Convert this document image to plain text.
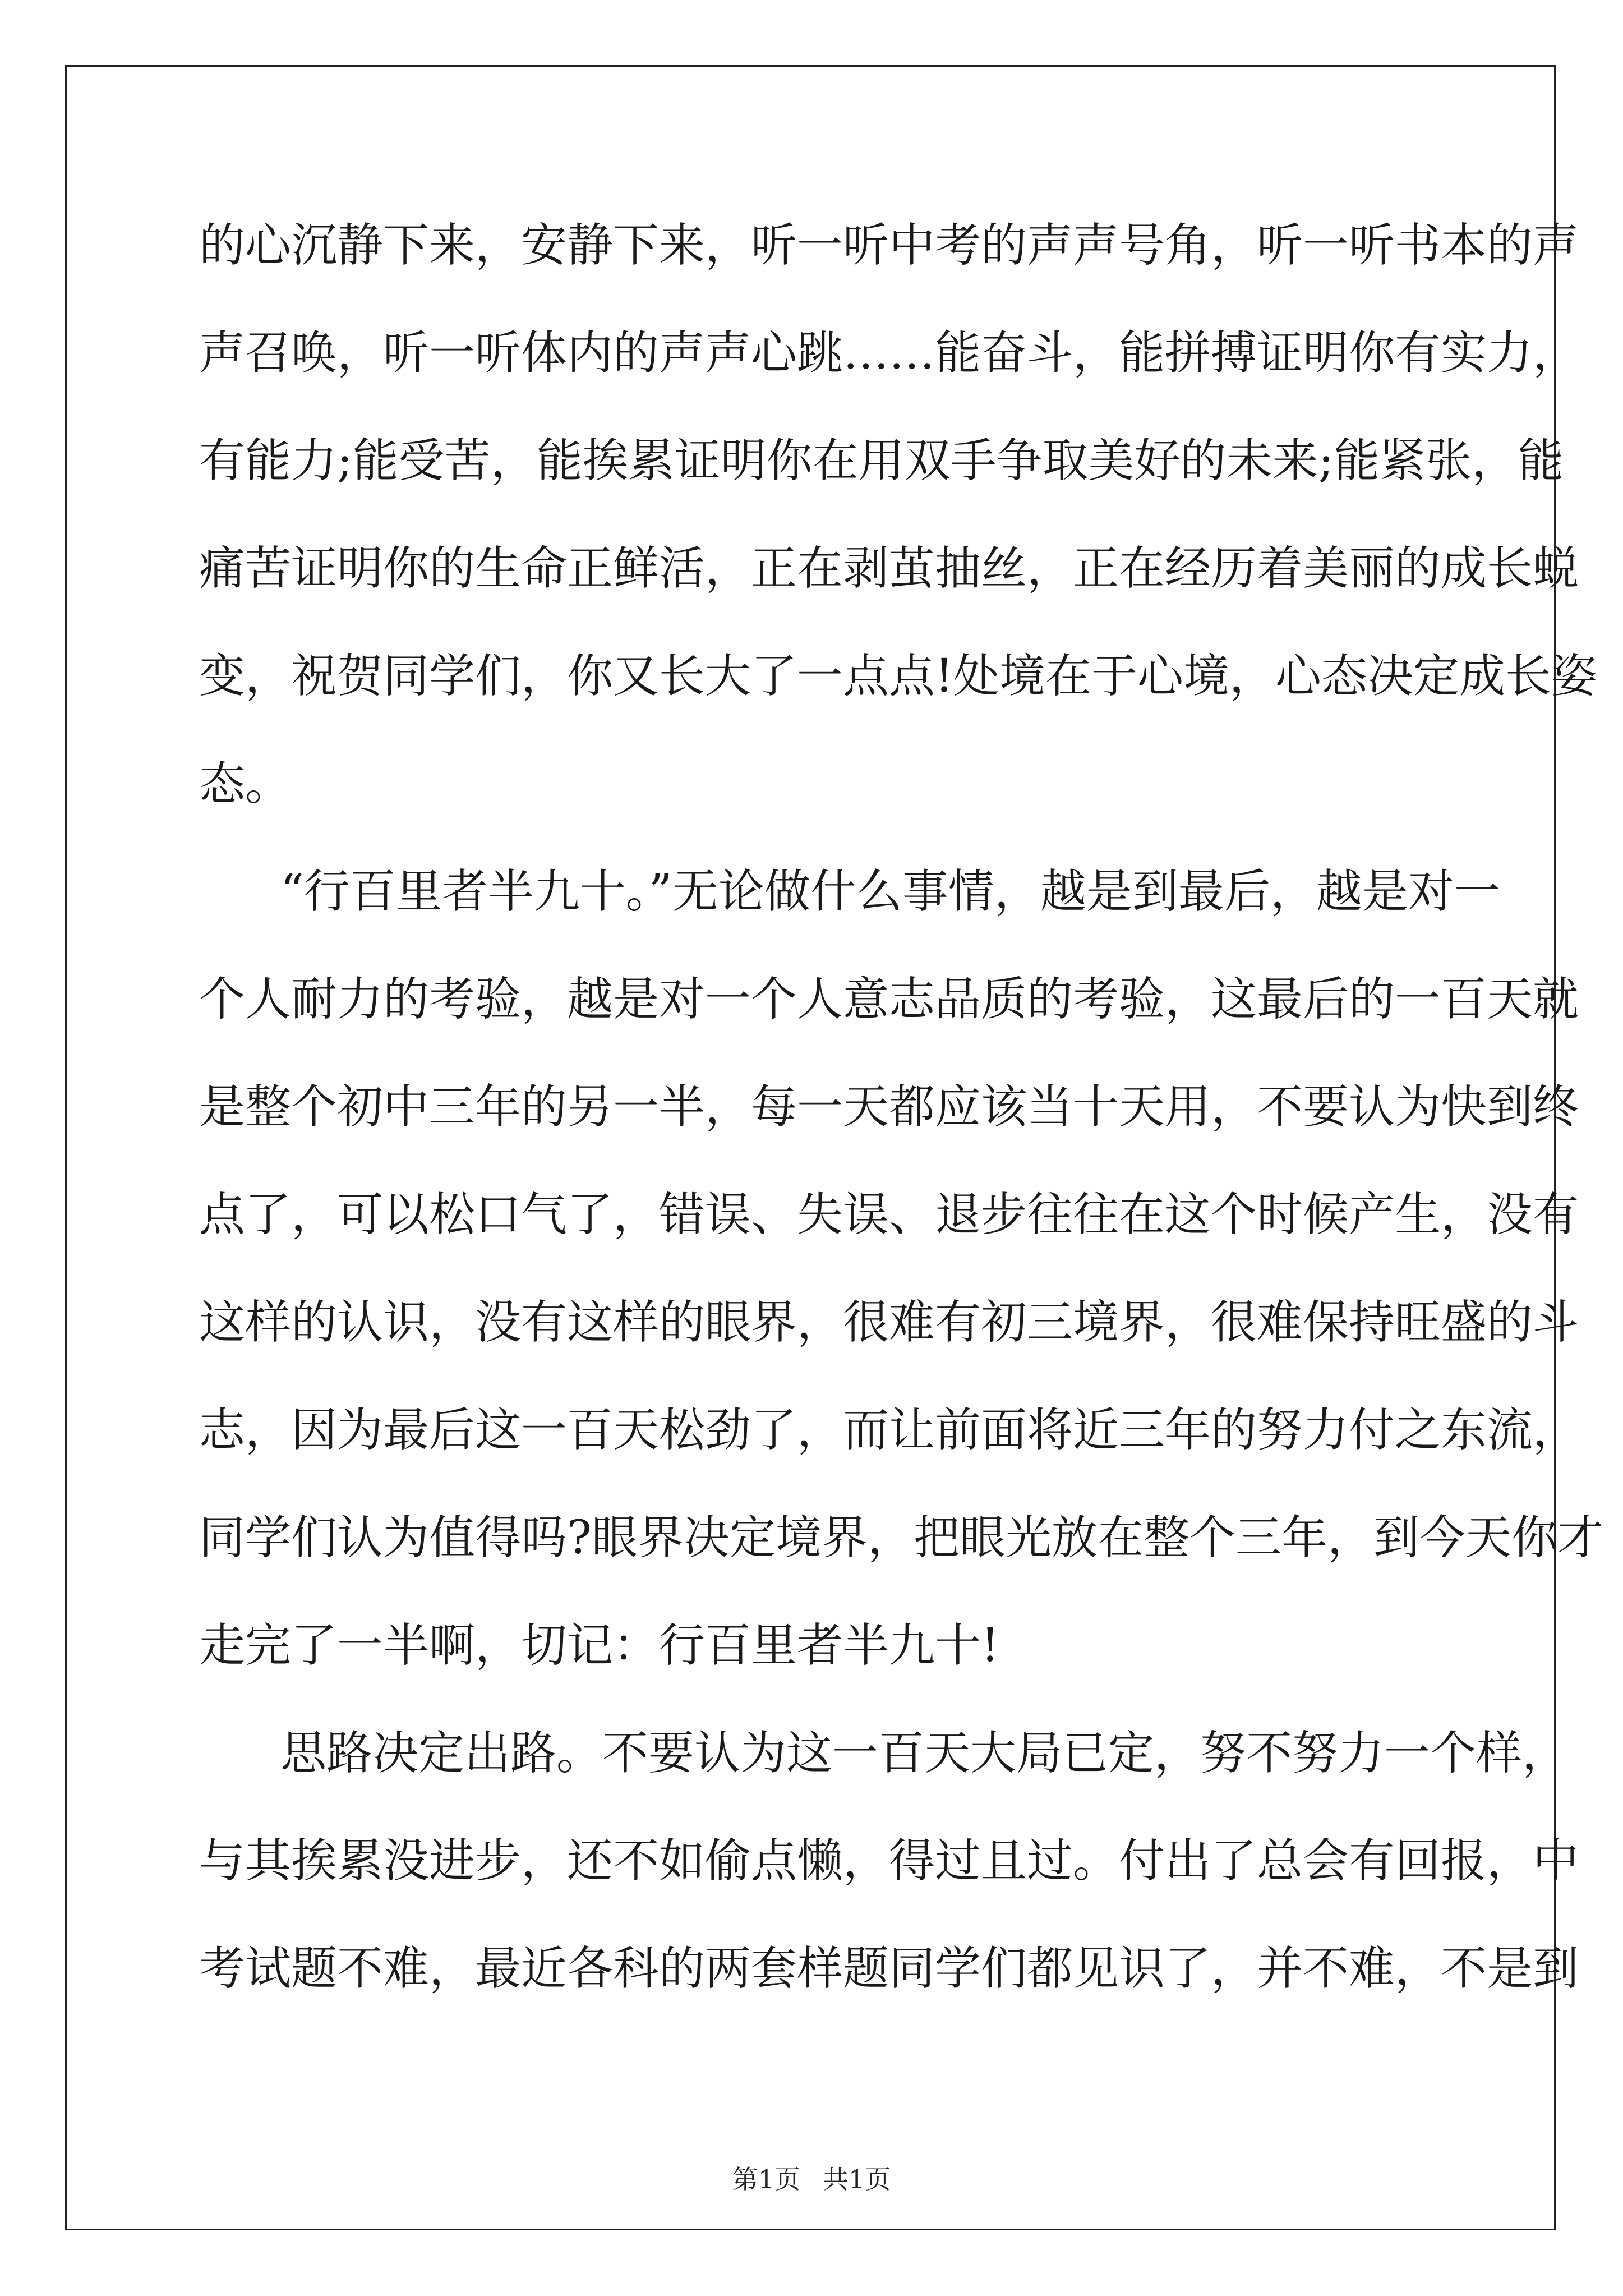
的心沉静下来，安静下来，听一听中考的声声号角，听一听书本的声
声召唤，听一听体内的声声心跳……能奋斗，能拼搏证明你有实力，
有能力;能受苦，能挨累证明你在用双手争取美好的未来;能紧张，能
痛苦证明你的生命正鲜活，正在剥茧抽丝，正在经历着美丽的成长蜕
变，祝贺同学们，你又长大了一点点!处境在于心境，心态决定成长姿
态。
“行百里者半九十。”无论做什么事情，越是到最后，越是对一
个人耐力的考验，越是对一个人意志品质的考验，这最后的一百天就
是整个初中三年的另一半，每一天都应该当十天用，不要认为快到终
点了，可以松口气了，错误、失误、退步往往在这个时候产生，没有
这样的认识，没有这样的眼界，很难有初三境界，很难保持旺盛的斗
志，因为最后这一百天松劲了，而让前面将近三年的努力付之东流，
同学们认为值得吗?眼界决定境界，把眼光放在整个三年，到今天你才
走完了一半啊，切记：行百里者半九十!
思路决定出路。不要认为这一百天大局已定，努不努力一个样，
与其挨累没进步，还不如偷点懒，得过且过。付出了总会有回报，中
考试题不难，最近各科的两套样题同学们都见识了，并不难，不是到
第1页 共1页
